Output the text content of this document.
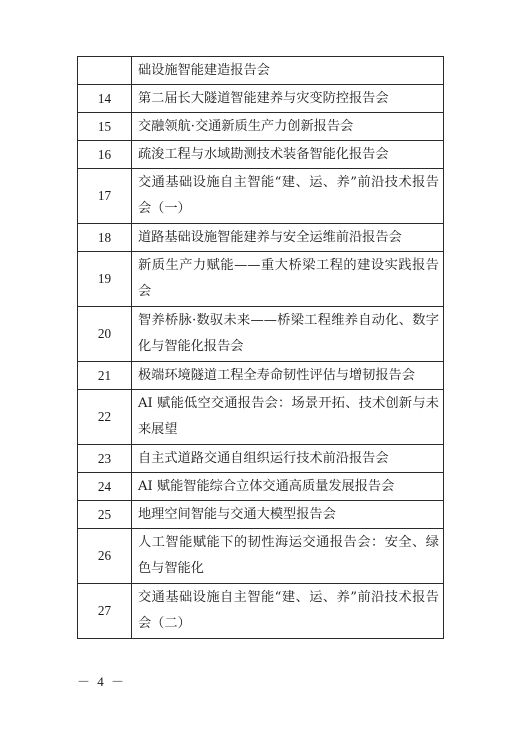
	础设施智能建造报告会
14	第二届长大隧道智能建养与灾变防控报告会
15	交融领航·交通新质生产力创新报告会
16	疏浚工程与水域勘测技术装备智能化报告会
17	交通基础设施自主智能“建、运、养”前沿技术报告会（一）
18	道路基础设施智能建养与安全运维前沿报告会
19	新质生产力赋能——重大桥梁工程的建设实践报告会
20	智养桥脉·数驭未来——桥梁工程维养自动化、数字化与智能化报告会
21	极端环境隧道工程全寿命韧性评估与增韧报告会
22	AI 赋能低空交通报告会：场景开拓、技术创新与未来展望
23	自主式道路交通自组织运行技术前沿报告会
24	AI 赋能智能综合立体交通高质量发展报告会
25	地理空间智能与交通大模型报告会
26	人工智能赋能下的韧性海运交通报告会：安全、绿色与智能化
27	交通基础设施自主智能“建、运、养”前沿技术报告会（二）
－ 4 －
